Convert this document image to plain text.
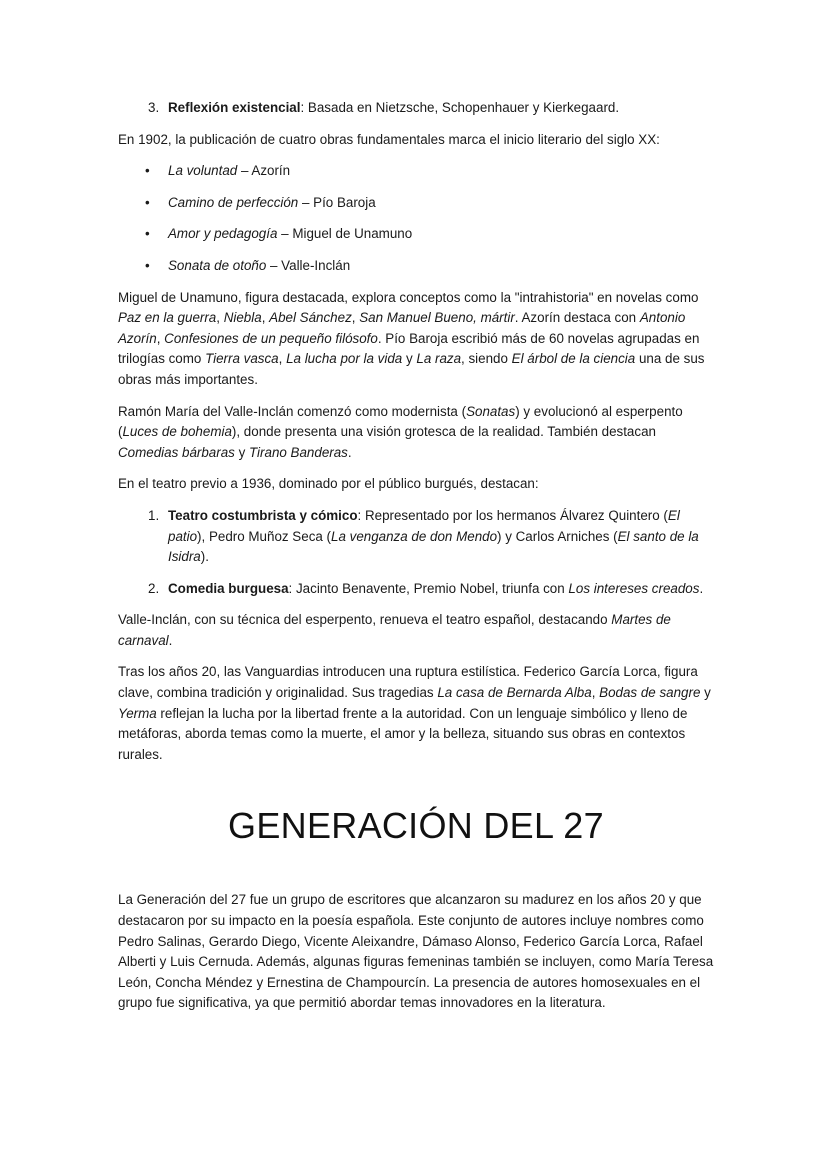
3. Reflexión existencial: Basada en Nietzsche, Schopenhauer y Kierkegaard.

En 1902, la publicación de cuatro obras fundamentales marca el inicio literario del siglo XX:

•	La voluntad – Azorín
•	Camino de perfección – Pío Baroja
•	Amor y pedagogía – Miguel de Unamuno
•	Sonata de otoño – Valle-Inclán

Miguel de Unamuno, figura destacada, explora conceptos como la "intrahistoria" en novelas como Paz en la guerra, Niebla, Abel Sánchez, San Manuel Bueno, mártir. Azorín destaca con Antonio Azorín, Confesiones de un pequeño filósofo. Pío Baroja escribió más de 60 novelas agrupadas en trilogías como Tierra vasca, La lucha por la vida y La raza, siendo El árbol de la ciencia una de sus obras más importantes.

Ramón María del Valle-Inclán comenzó como modernista (Sonatas) y evolucionó al esperpento (Luces de bohemia), donde presenta una visión grotesca de la realidad. También destacan Comedias bárbaras y Tirano Banderas.

En el teatro previo a 1936, dominado por el público burgués, destacan:

1. Teatro costumbrista y cómico: Representado por los hermanos Álvarez Quintero (El patio), Pedro Muñoz Seca (La venganza de don Mendo) y Carlos Arniches (El santo de la Isidra).
2. Comedia burguesa: Jacinto Benavente, Premio Nobel, triunfa con Los intereses creados.

Valle-Inclán, con su técnica del esperpento, renueva el teatro español, destacando Martes de carnaval.

Tras los años 20, las Vanguardias introducen una ruptura estilística. Federico García Lorca, figura clave, combina tradición y originalidad. Sus tragedias La casa de Bernarda Alba, Bodas de sangre y Yerma reflejan la lucha por la libertad frente a la autoridad. Con un lenguaje simbólico y lleno de metáforas, aborda temas como la muerte, el amor y la belleza, situando sus obras en contextos rurales.

GENERACIÓN DEL 27

La Generación del 27 fue un grupo de escritores que alcanzaron su madurez en los años 20 y que destacaron por su impacto en la poesía española. Este conjunto de autores incluye nombres como Pedro Salinas, Gerardo Diego, Vicente Aleixandre, Dámaso Alonso, Federico García Lorca, Rafael Alberti y Luis Cernuda. Además, algunas figuras femeninas también se incluyen, como María Teresa León, Concha Méndez y Ernestina de Champourcín. La presencia de autores homosexuales en el grupo fue significativa, ya que permitió abordar temas innovadores en la literatura.
